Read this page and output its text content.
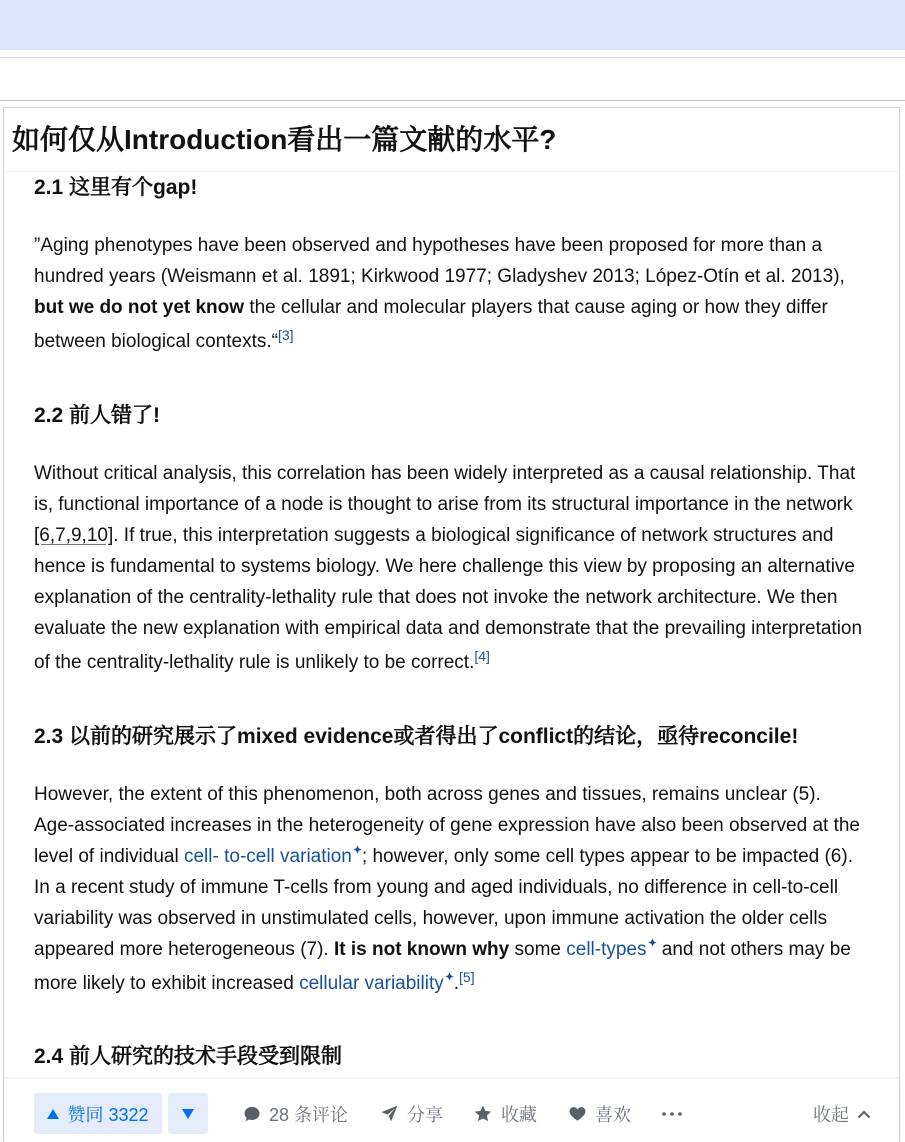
如何仅从Introduction看出一篇文献的水平?
2.1 这里有个gap!
”Aging phenotypes have been observed and hypotheses have been proposed for more than a
hundred years (Weismann et al. 1891; Kirkwood 1977; Gladyshev 2013; López-Otín et al. 2013),
but we do not yet know the cellular and molecular players that cause aging or how they differ
between biological contexts.“[3]
2.2 前人错了!
Without critical analysis, this correlation has been widely interpreted as a causal relationship. That
is, functional importance of a node is thought to arise from its structural importance in the network
[6,7,9,10]. If true, this interpretation suggests a biological significance of network structures and
hence is fundamental to systems biology. We here challenge this view by proposing an alternative
explanation of the centrality-lethality rule that does not invoke the network architecture. We then
evaluate the new explanation with empirical data and demonstrate that the prevailing interpretation
of the centrality-lethality rule is unlikely to be correct.[4]
2.3 以前的研究展示了mixed evidence或者得出了conflict的结论，亟待reconcile!
However, the extent of this phenomenon, both across genes and tissues, remains unclear (5).
Age-associated increases in the heterogeneity of gene expression have also been observed at the
level of individual cell- to-cell variation ; however, only some cell types appear to be impacted (6).
In a recent study of immune T-cells from young and aged individuals, no difference in cell-to-cell
variability was observed in unstimulated cells, however, upon immune activation the older cells
appeared more heterogeneous (7). It is not known why some cell-types
and not others may be
more likely to exhibit increased cellular variability .[5]
2.4 前人研究的技术手段受到限制
赞同 3322	28 条评论	分享	收藏	喜欢	收起
